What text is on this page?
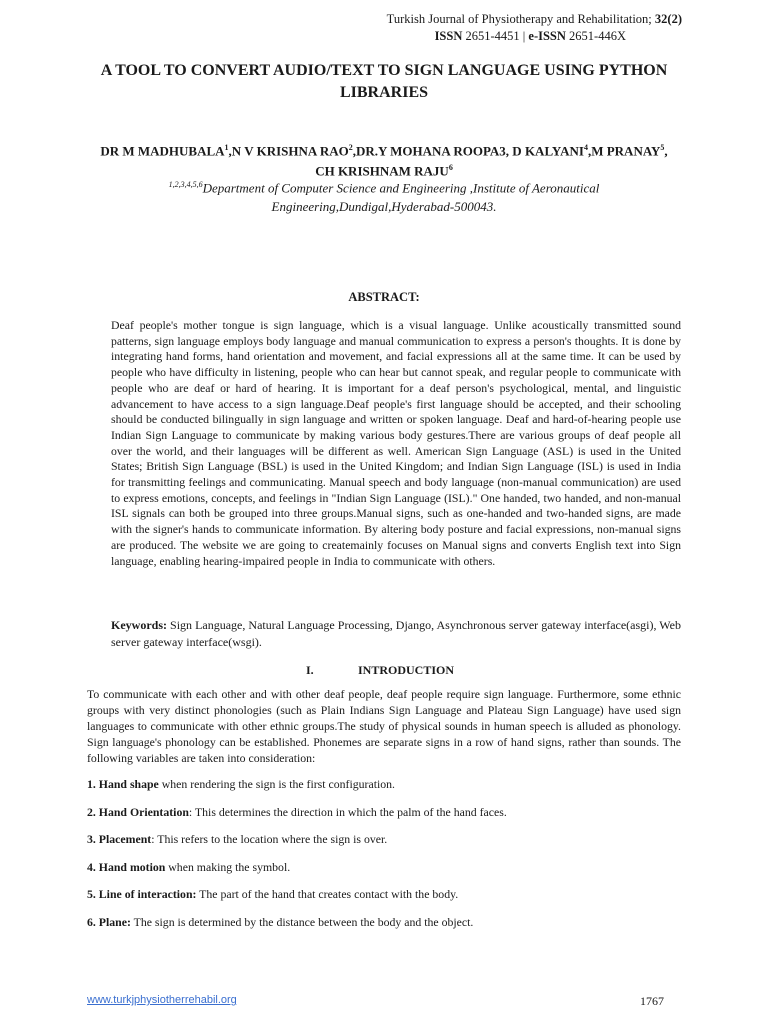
Turkish Journal of Physiotherapy and Rehabilitation; 32(2)
ISSN 2651-4451 | e-ISSN 2651-446X
A TOOL TO CONVERT AUDIO/TEXT TO SIGN LANGUAGE USING PYTHON LIBRARIES
DR M MADHUBALA$^1$,N V KRISHNA RAO$^2$,DR.Y MOHANA ROOPA3, D KALYANI$^4$,M PRANAY$^5$,
CH KRISHNAM RAJU$^6$
$^{1,2,3,4,5,6}$Department of Computer Science and Engineering ,Institute of Aeronautical
Engineering,Dundigal,Hyderabad-500043.
ABSTRACT:
Deaf people's mother tongue is sign language, which is a visual language. Unlike acoustically transmitted sound patterns, sign language employs body language and manual communication to express a person's thoughts. It is done by integrating hand forms, hand orientation and movement, and facial expressions all at the same time. It can be used by people who have difficulty in listening, people who can hear but cannot speak, and regular people to communicate with people who are deaf or hard of hearing. It is important for a deaf person's psychological, mental, and linguistic advancement to have access to a sign language.Deaf people's first language should be accepted, and their schooling should be conducted bilingually in sign language and written or spoken language. Deaf and hard-of-hearing people use Indian Sign Language to communicate by making various body gestures.There are various groups of deaf people all over the world, and their languages will be different as well. American Sign Language (ASL) is used in the United States; British Sign Language (BSL) is used in the United Kingdom; and Indian Sign Language (ISL) is used in India for transmitting feelings and communicating. Manual speech and body language (non-manual communication) are used to express emotions, concepts, and feelings in "Indian Sign Language (ISL)." One handed, two handed, and non-manual ISL signals can both be grouped into three groups.Manual signs, such as one-handed and two-handed signs, are made with the signer's hands to communicate information. By altering body posture and facial expressions, non-manual signs are produced. The website we are going to createmainly focuses on Manual signs and converts English text into Sign language, enabling hearing-impaired people in India to communicate with others.
Keywords: Sign Language, Natural Language Processing, Django, Asynchronous server gateway interface(asgi), Web server gateway interface(wsgi).
I.	INTRODUCTION
To communicate with each other and with other deaf people, deaf people require sign language. Furthermore, some ethnic groups with very distinct phonologies (such as Plain Indians Sign Language and Plateau Sign Language) have used sign languages to communicate with other ethnic groups.The study of physical sounds in human speech is alluded as phonology. Sign language's phonology can be established. Phonemes are separate signs in a row of hand signs, rather than sounds. The following variables are taken into consideration:
1. Hand shape when rendering the sign is the first configuration.
2. Hand Orientation: This determines the direction in which the palm of the hand faces.
3. Placement: This refers to the location where the sign is over.
4. Hand motion when making the symbol.
5. Line of interaction: The part of the hand that creates contact with the body.
6. Plane: The sign is determined by the distance between the body and the object.
www.turkjphysiotherrehabil.org	1767
